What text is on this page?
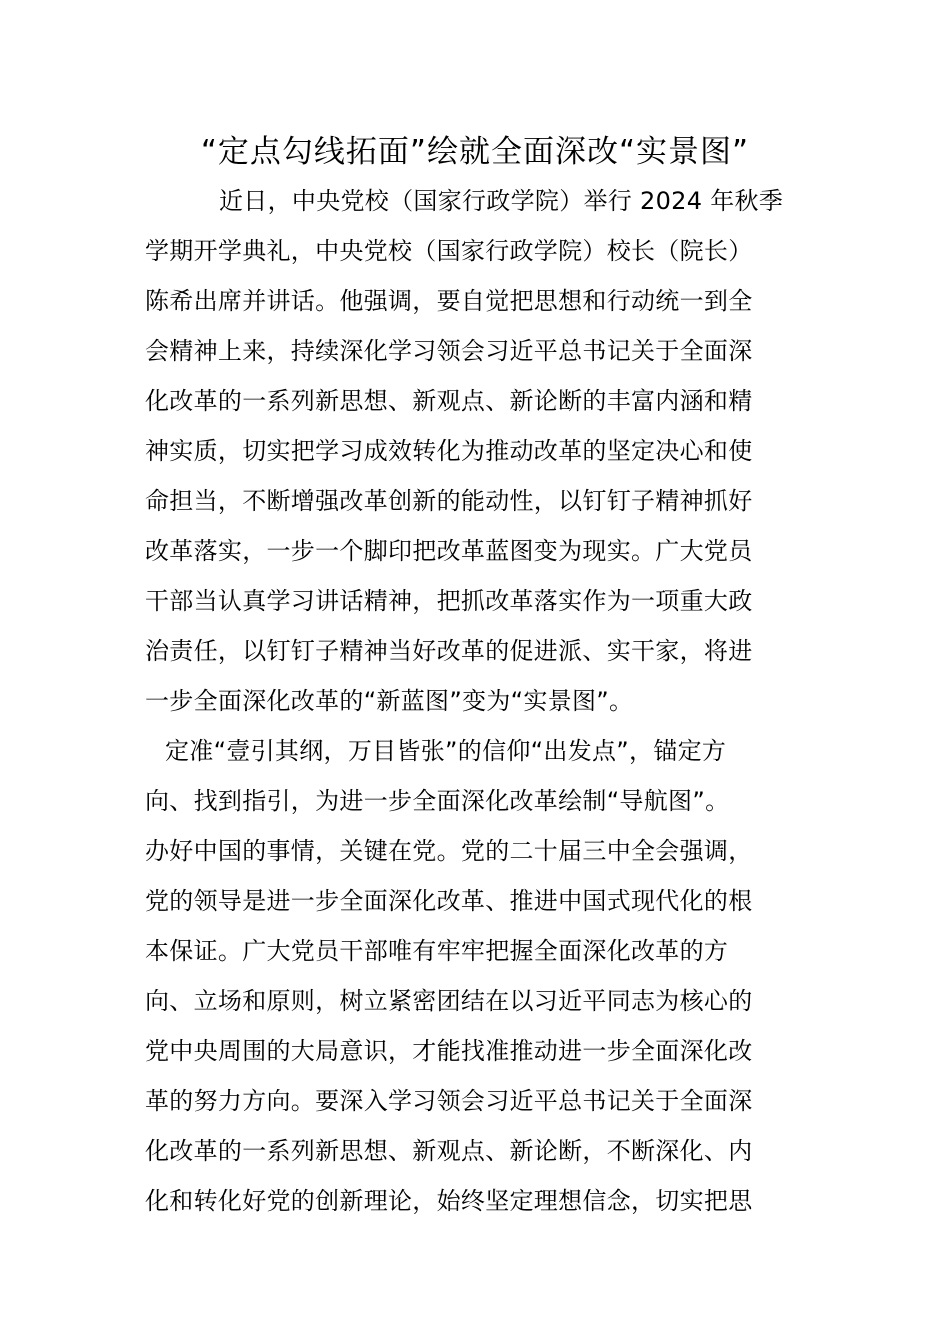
“定点勾线拓面”绘就全面深改“实景图”
近日，中央党校（国家行政学院）举行 2024 年秋季
学期开学典礼，中央党校（国家行政学院）校长（院长）
陈希出席并讲话。他强调，要自觉把思想和行动统一到全
会精神上来，持续深化学习领会习近平总书记关于全面深
化改革的一系列新思想、新观点、新论断的丰富内涵和精
神实质，切实把学习成效转化为推动改革的坚定决心和使
命担当，不断增强改革创新的能动性，以钉钉子精神抓好
改革落实，一步一个脚印把改革蓝图变为现实。广大党员
干部当认真学习讲话精神，把抓改革落实作为一项重大政
治责任，以钉钉子精神当好改革的促进派、实干家，将进
一步全面深化改革的“新蓝图”变为“实景图”。
定准“壹引其纲，万目皆张”的信仰“出发点”，锚定方
向、找到指引，为进一步全面深化改革绘制“导航图”。
办好中国的事情，关键在党。党的二十届三中全会强调，
党的领导是进一步全面深化改革、推进中国式现代化的根
本保证。广大党员干部唯有牢牢把握全面深化改革的方
向、立场和原则，树立紧密团结在以习近平同志为核心的
党中央周围的大局意识，才能找准推动进一步全面深化改
革的努力方向。要深入学习领会习近平总书记关于全面深
化改革的一系列新思想、新观点、新论断，不断深化、内
化和转化好党的创新理论，始终坚定理想信念，切实把思
